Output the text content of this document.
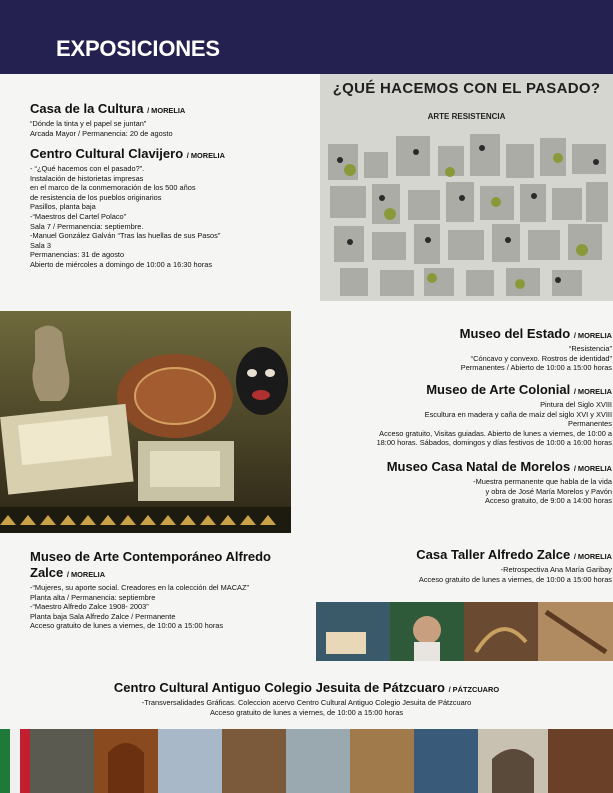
EXPOSICIONES
Casa de la Cultura / MORELIA
“Dónde la tinta y el papel se juntan”
Arcada Mayor / Permanencia: 20 de agosto
Centro Cultural Clavijero / MORELIA
- “¿Qué hacemos con el pasado?”.
Instalación de historietas impresas
en el marco de la conmemoración de los 500 años
de resistencia de los pueblos originarios
Pasillos, planta baja
-“Maestros del Cartel Polaco”
Sala 7 / Permanencia: septiembre.
-Manuel González Galván “Tras las huellas de sus Pasos”
Sala 3
Permanencias: 31 de agosto
Abierto de miércoles a domingo de 10:00 a 16:30 horas
¿QUÉ HACEMOS CON EL PASADO?
ARTE RESISTENCIA
Museo del Estado / MORELIA
“Resistencia”
“Cóncavo y convexo. Rostros de identidad”
Permanentes / Abierto de 10:00 a 15:00 horas
Museo de Arte Colonial / MORELIA
Pintura del Siglo XVIII
Escultura en madera y caña de maíz del siglo XVI y XVIII
Permanentes
Acceso gratuito, Visitas guiadas. Abierto de lunes a viernes, de 10:00 a
18:00 horas. Sábados, domingos y días festivos de 10:00 a 16:00 horas
Museo Casa Natal de Morelos / MORELIA
-Muestra permanente que habla de la vida
y obra de José María Morelos y Pavón
Acceso gratuito, de 9:00 a 14:00 horas
Museo de Arte Contemporáneo Alfredo
Zalce / MORELIA
-“Mujeres, su aporte social. Creadores en la colección del MACAZ”
Planta alta / Permanencia: septiembre
-“Maestro Alfredo Zalce 1908- 2003”
Planta baja Sala Alfredo Zalce / Permanente
Acceso gratuito de lunes a viernes, de 10:00 a 15:00 horas
Casa Taller Alfredo Zalce / MORELIA
-Retrospectiva Ana María Garibay
Acceso gratuito de lunes a viernes, de 10:00 a 15:00 horas
Centro Cultural Antiguo Colegio Jesuita de Pátzcuaro / PÁTZCUARO
-Transversalidades Gráficas. Coleccion acervo Centro Cultural Antiguo Colegio Jesuita de Pátzcuaro
Acceso gratuito de lunes a viernes, de 10:00 a 15:00 horas
